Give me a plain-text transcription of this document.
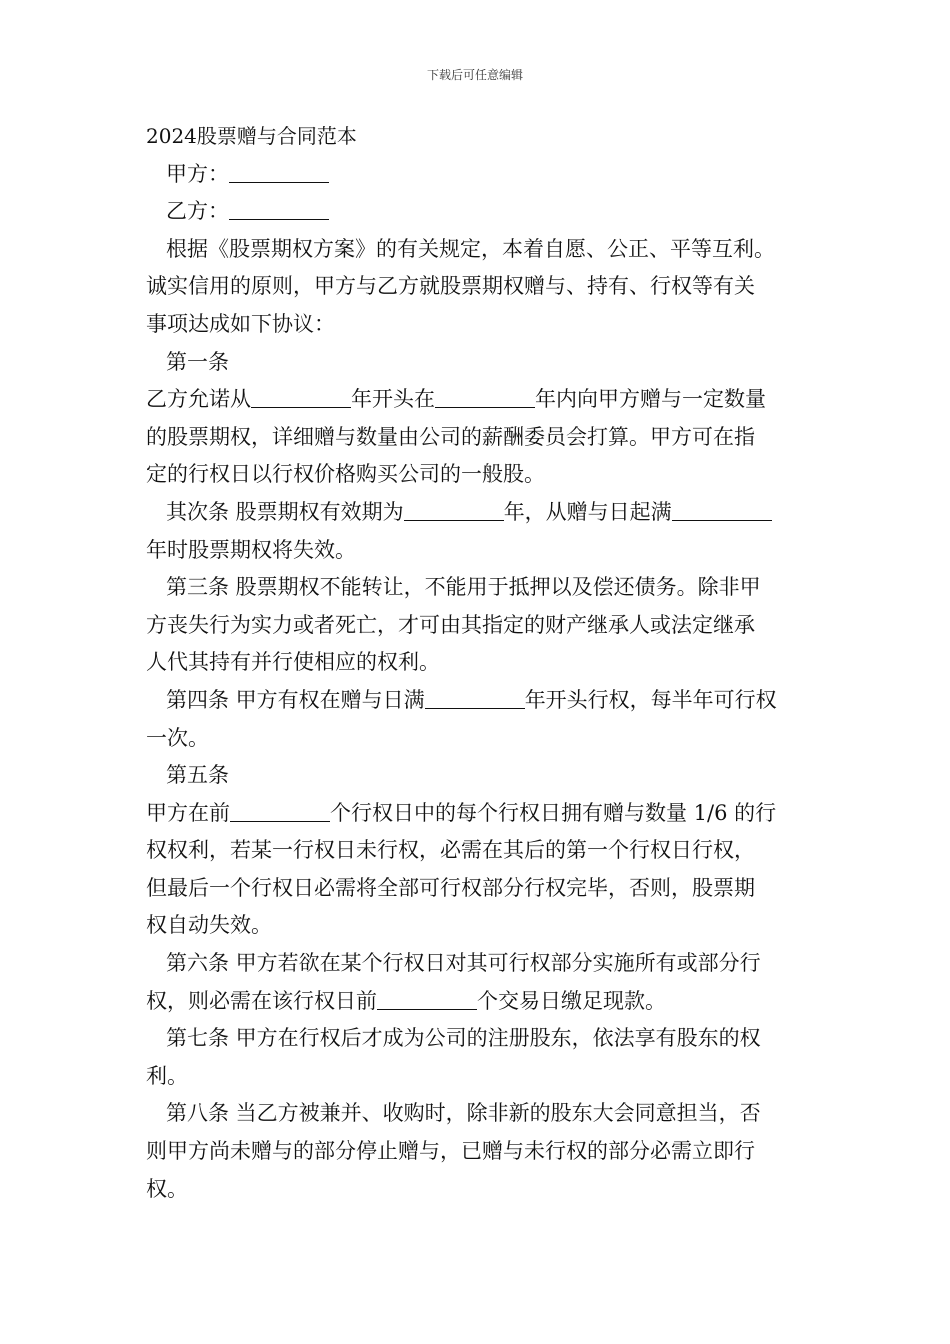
下载后可任意编辑
2024股票赠与合同范本
甲方：
乙方：
根据《股票期权方案》的有关规定，本着自愿、公正、平等互利。
诚实信用的原则，甲方与乙方就股票期权赠与、持有、行权等有关
事项达成如下协议：
第一条
乙方允诺从	年开头在	年内向甲方赠与一定数量
的股票期权，详细赠与数量由公司的薪酬委员会打算。甲方可在指
定的行权日以行权价格购买公司的一般股。
其次条 股票期权有效期为	年，从赠与日起满
年时股票期权将失效。
第三条 股票期权不能转让，不能用于抵押以及偿还债务。除非甲
方丧失行为实力或者死亡，才可由其指定的财产继承人或法定继承
人代其持有并行使相应的权利。
第四条 甲方有权在赠与日满	年开头行权，每半年可行权
一次。
第五条
甲方在前	个行权日中的每个行权日拥有赠与数量 1/6 的行
权权利，若某一行权日未行权，必需在其后的第一个行权日行权，
但最后一个行权日必需将全部可行权部分行权完毕，否则，股票期
权自动失效。
第六条 甲方若欲在某个行权日对其可行权部分实施所有或部分行
权，则必需在该行权日前	个交易日缴足现款。
第七条 甲方在行权后才成为公司的注册股东，依法享有股东的权
利。
第八条 当乙方被兼并、收购时，除非新的股东大会同意担当，否
则甲方尚未赠与的部分停止赠与，已赠与未行权的部分必需立即行
权。
